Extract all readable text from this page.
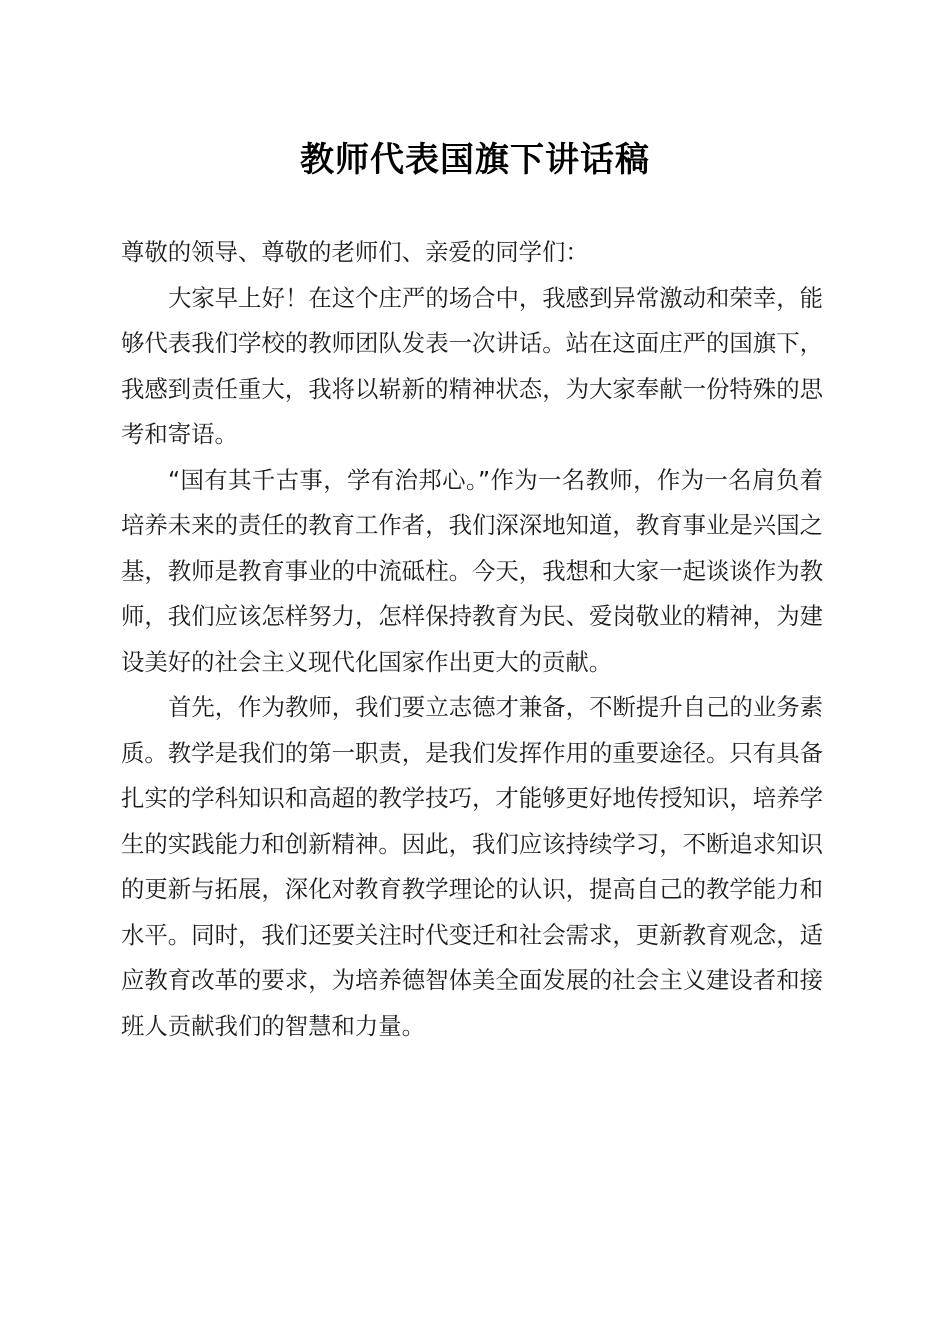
教师代表国旗下讲话稿

尊敬的领导、尊敬的老师们、亲爱的同学们：

大家早上好！在这个庄严的场合中，我感到异常激动和荣幸，能够代表我们学校的教师团队发表一次讲话。站在这面庄严的国旗下，我感到责任重大，我将以崭新的精神状态，为大家奉献一份特殊的思考和寄语。

“国有其千古事，学有治邦心。”作为一名教师，作为一名肩负着培养未来的责任的教育工作者，我们深深地知道，教育事业是兴国之基，教师是教育事业的中流砥柱。今天，我想和大家一起谈谈作为教师，我们应该怎样努力，怎样保持教育为民、爱岗敬业的精神，为建设美好的社会主义现代化国家作出更大的贡献。

首先，作为教师，我们要立志德才兼备，不断提升自己的业务素质。教学是我们的第一职责，是我们发挥作用的重要途径。只有具备扎实的学科知识和高超的教学技巧，才能够更好地传授知识，培养学生的实践能力和创新精神。因此，我们应该持续学习，不断追求知识的更新与拓展，深化对教育教学理论的认识，提高自己的教学能力和水平。同时，我们还要关注时代变迁和社会需求，更新教育观念，适应教育改革的要求，为培养德智体美全面发展的社会主义建设者和接班人贡献我们的智慧和力量。
